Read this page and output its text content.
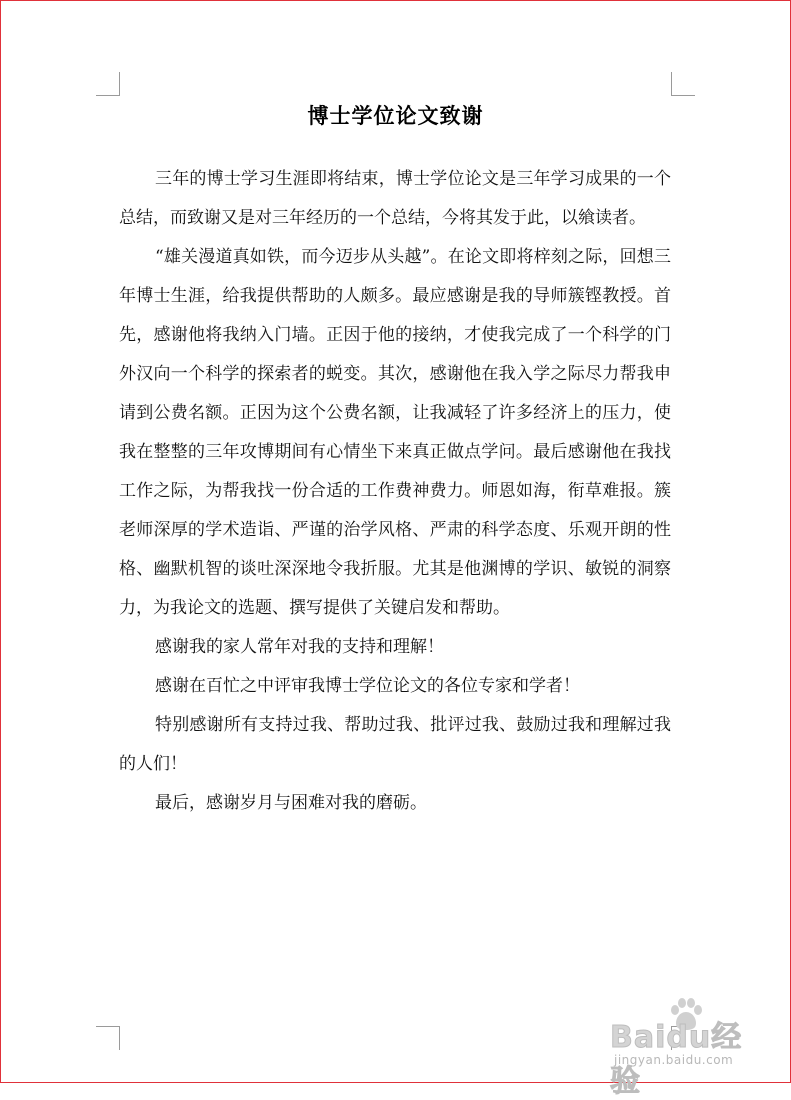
博士学位论文致谢

三年的博士学习生涯即将结束，博士学位论文是三年学习成果的一个总结，而致谢又是对三年经历的一个总结，今将其发于此，以飨读者。

“雄关漫道真如铁，而今迈步从头越”。在论文即将梓刻之际，回想三年博士生涯，给我提供帮助的人颇多。最应感谢是我的导师簇铿教授。首先，感谢他将我纳入门墙。正因于他的接纳，才使我完成了一个科学的门外汉向一个科学的探索者的蜕变。其次，感谢他在我入学之际尽力帮我申请到公费名额。正因为这个公费名额，让我减轻了许多经济上的压力，使我在整整的三年攻博期间有心情坐下来真正做点学问。最后感谢他在我找工作之际，为帮我找一份合适的工作费神费力。师恩如海，衔草难报。簇老师深厚的学术造诣、严谨的治学风格、严肃的科学态度、乐观开朗的性格、幽默机智的谈吐深深地令我折服。尤其是他渊博的学识、敏锐的洞察力，为我论文的选题、撰写提供了关键启发和帮助。

感谢我的家人常年对我的支持和理解！

感谢在百忙之中评审我博士学位论文的各位专家和学者！

特别感谢所有支持过我、帮助过我、批评过我、鼓励过我和理解过我的人们！

最后，感谢岁月与困难对我的磨砺。

Baidu经验
jingyan.baidu.com
